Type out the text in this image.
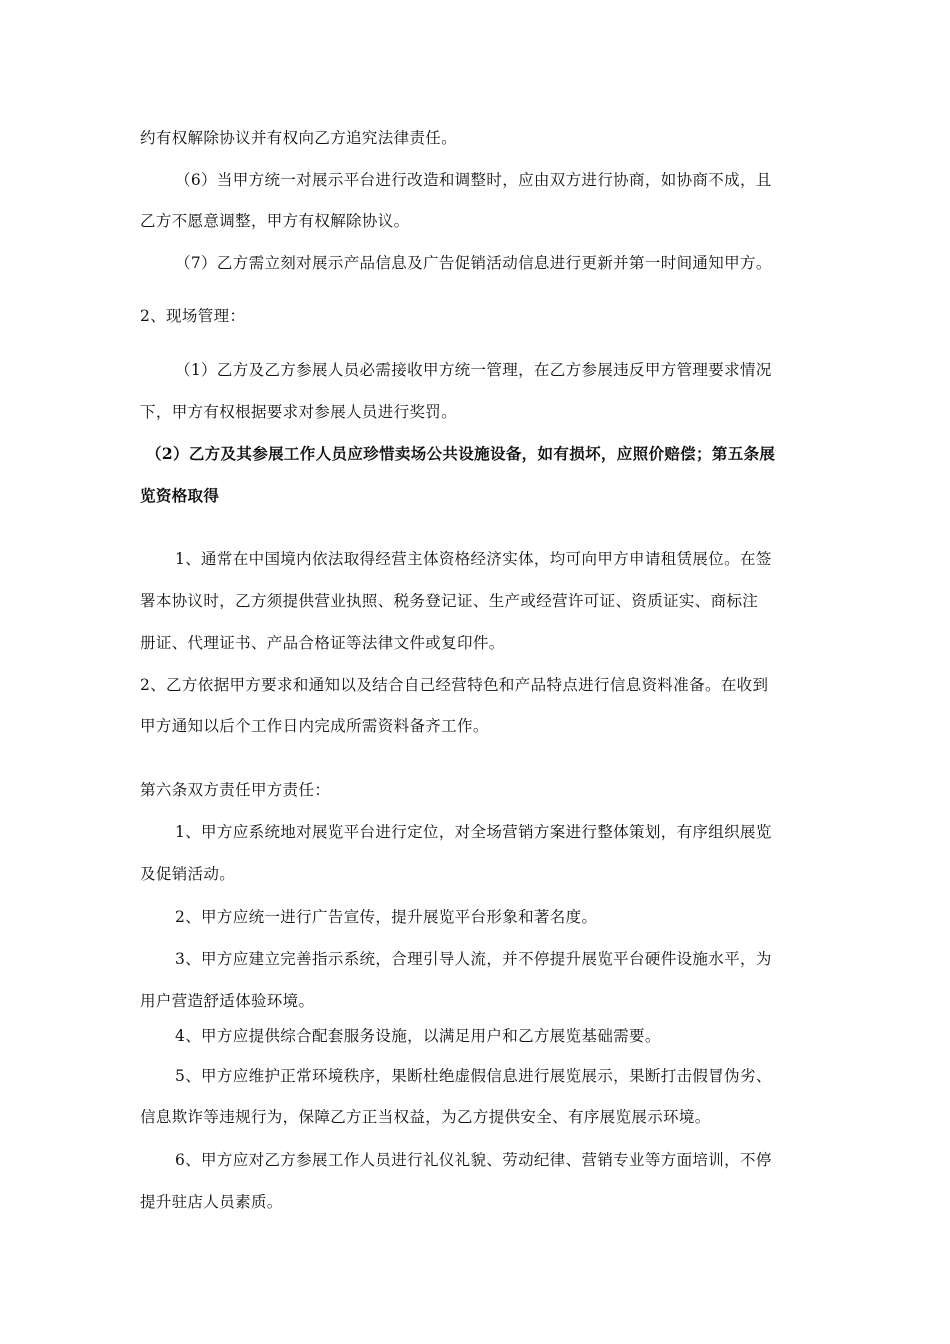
约有权解除协议并有权向乙方追究法律责任。
（6）当甲方统一对展示平台进行改造和调整时，应由双方进行协商，如协商不成，且
乙方不愿意调整，甲方有权解除协议。
（7）乙方需立刻对展示产品信息及广告促销活动信息进行更新并第一时间通知甲方。
2、现场管理：
（1）乙方及乙方参展人员必需接收甲方统一管理，在乙方参展违反甲方管理要求情况
下，甲方有权根据要求对参展人员进行奖罚。
（2）乙方及其参展工作人员应珍惜卖场公共设施设备，如有损坏，应照价赔偿；第五条展
览资格取得
1、通常在中国境内依法取得经营主体资格经济实体，均可向甲方申请租赁展位。在签
署本协议时，乙方须提供营业执照、税务登记证、生产或经营许可证、资质证实、商标注
册证、代理证书、产品合格证等法律文件或复印件。
2、乙方依据甲方要求和通知以及结合自己经营特色和产品特点进行信息资料准备。在收到
甲方通知以后个工作日内完成所需资料备齐工作。
第六条双方责任甲方责任：
1、甲方应系统地对展览平台进行定位，对全场营销方案进行整体策划，有序组织展览
及促销活动。
2、甲方应统一进行广告宣传，提升展览平台形象和著名度。
3、甲方应建立完善指示系统，合理引导人流，并不停提升展览平台硬件设施水平，为
用户营造舒适体验环境。
4、甲方应提供综合配套服务设施，以满足用户和乙方展览基础需要。
5、甲方应维护正常环境秩序，果断杜绝虚假信息进行展览展示，果断打击假冒伪劣、
信息欺诈等违规行为，保障乙方正当权益，为乙方提供安全、有序展览展示环境。
6、甲方应对乙方参展工作人员进行礼仪礼貌、劳动纪律、营销专业等方面培训，不停
提升驻店人员素质。
